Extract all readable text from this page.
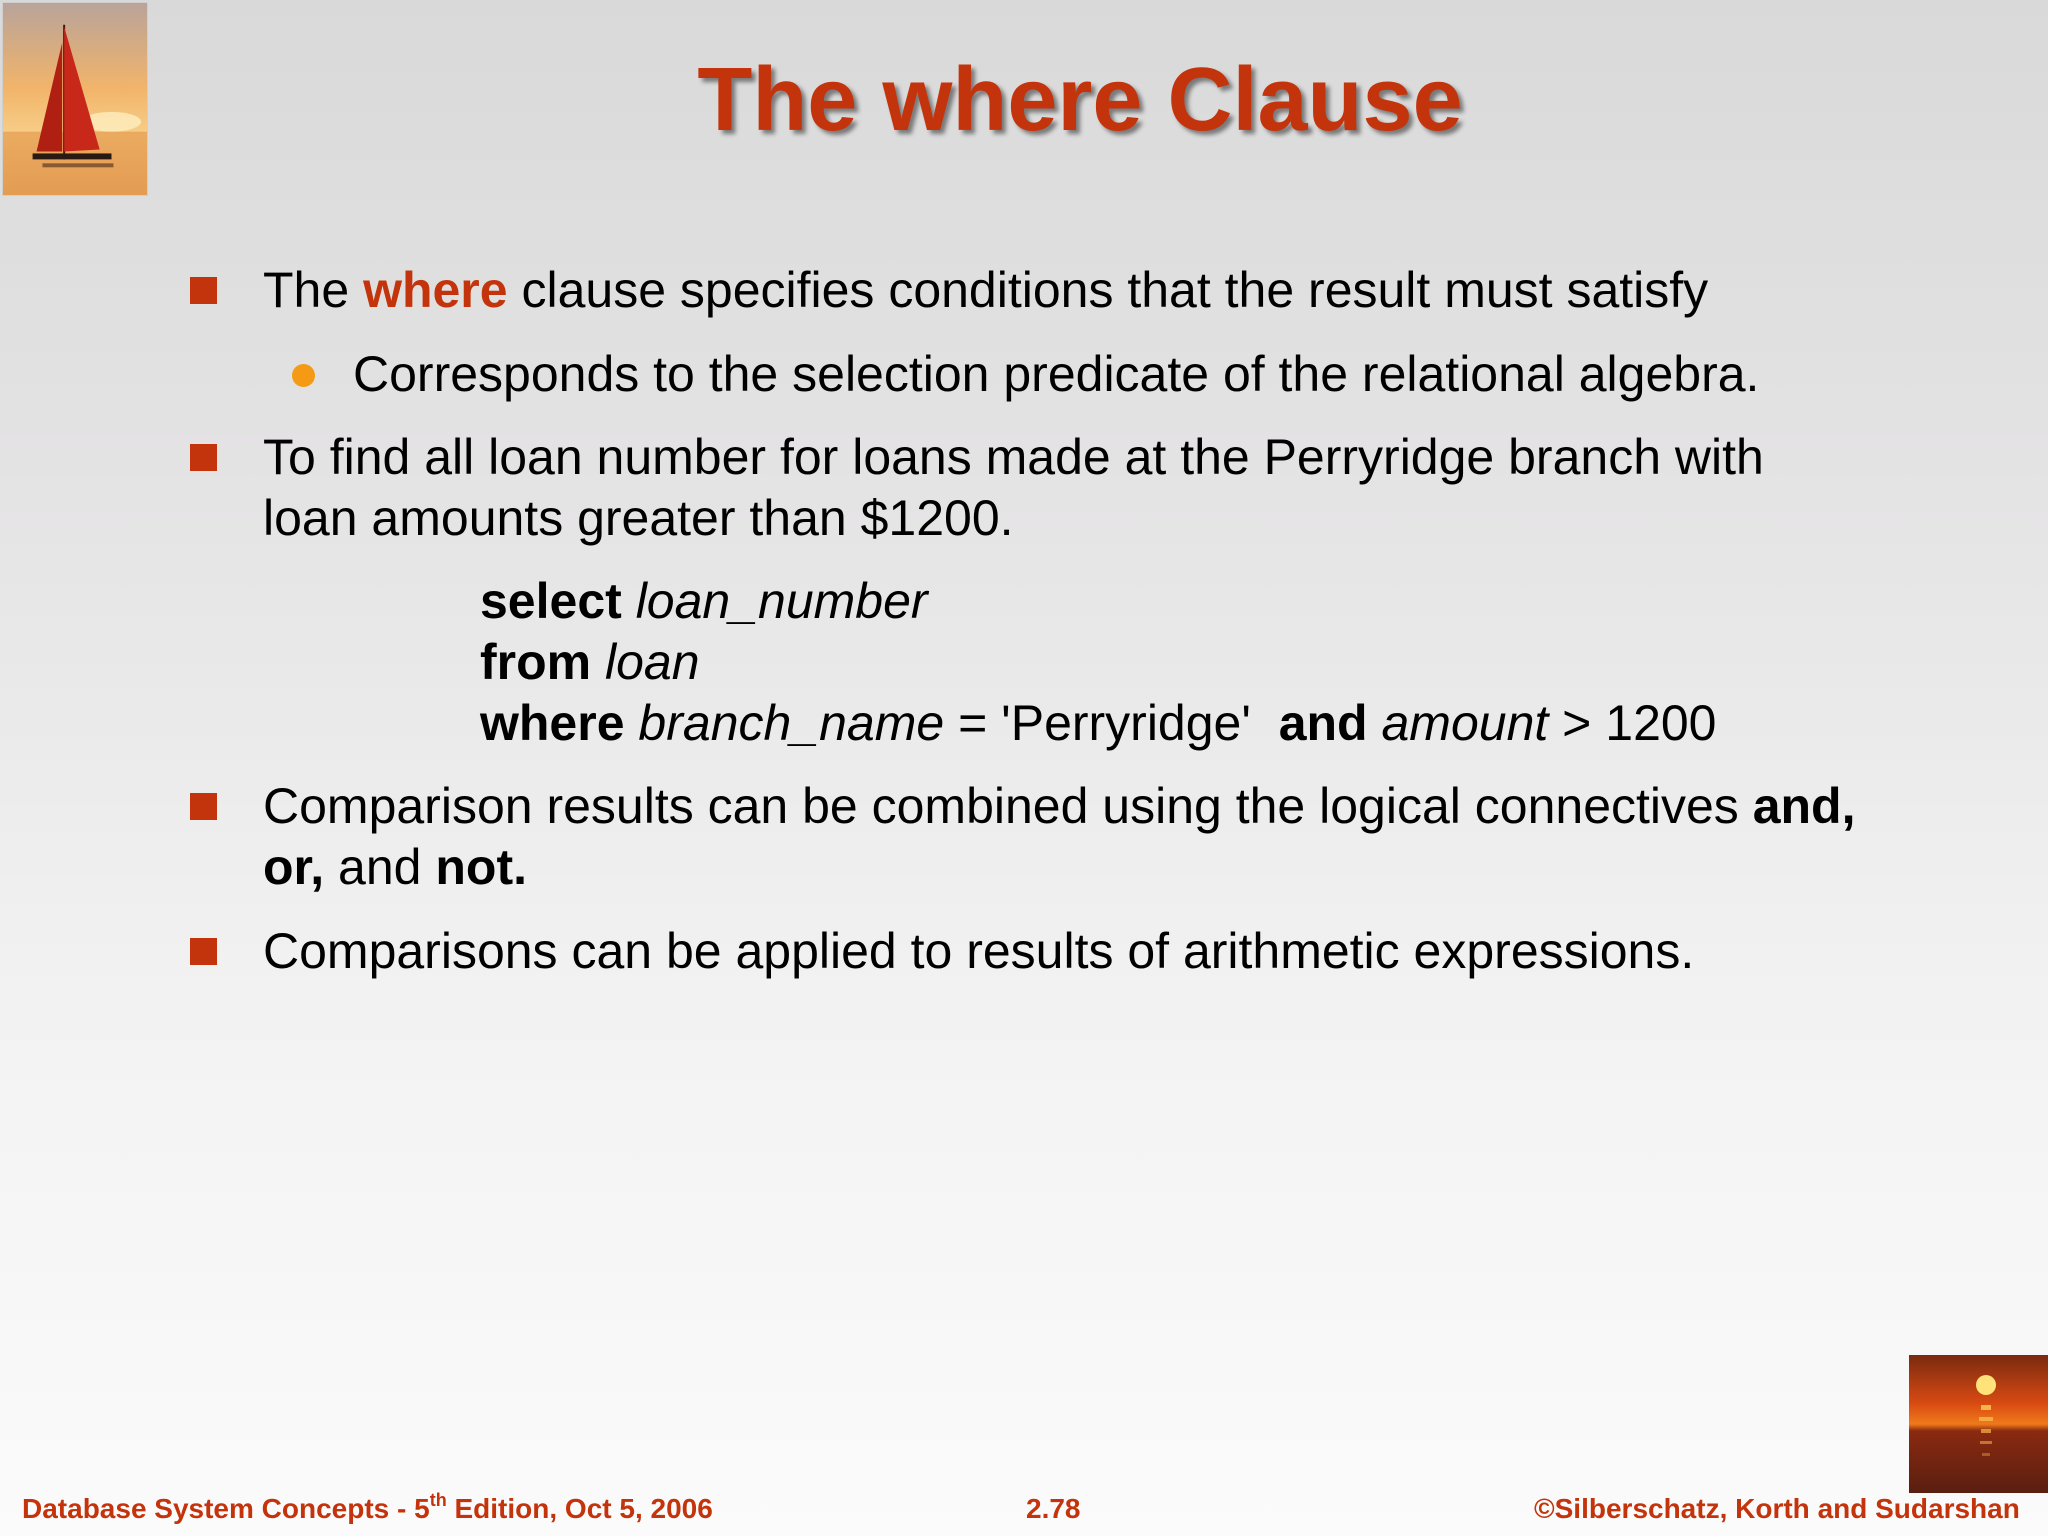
The where Clause
The where clause specifies conditions that the result must satisfy
Corresponds to the selection predicate of the relational algebra.
To find all loan number for loans made at the Perryridge branch with
loan amounts greater than $1200.
select loan_number
from loan
where branch_name = 'Perryridge'  and amount > 1200
Comparison results can be combined using the logical connectives and,
or, and not.
Comparisons can be applied to results of arithmetic expressions.
Database System Concepts - 5th Edition, Oct 5, 2006	2.78	©Silberschatz, Korth and Sudarshan
